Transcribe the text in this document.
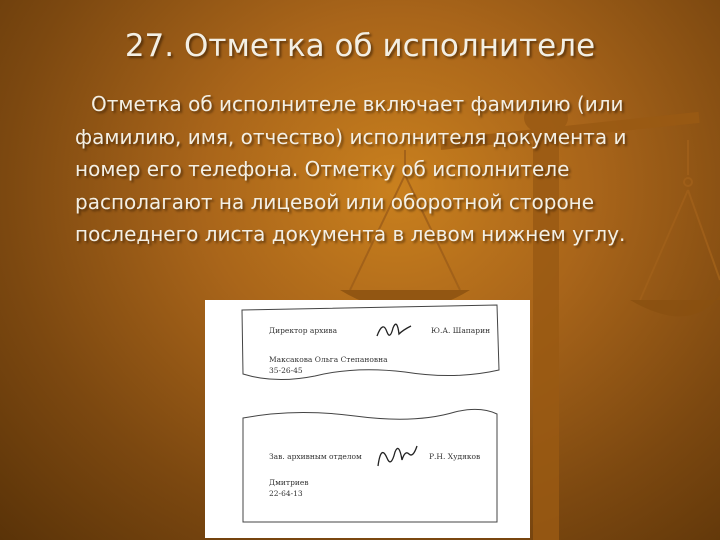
27. Отметка об исполнителе

Отметка об исполнителе включает фамилию (или фамилию, имя, отчество) исполнителя документа и номер его телефона. Отметку об исполнителе располагают на лицевой или оборотной стороне последнего листа документа в левом нижнем углу.

Директор архива	Ю.А. Шапарин
Максакова Ольга Степановна
35-26-45
Зав. архивным отделом	Р.Н. Худяков
Дмитриев
22-64-13
